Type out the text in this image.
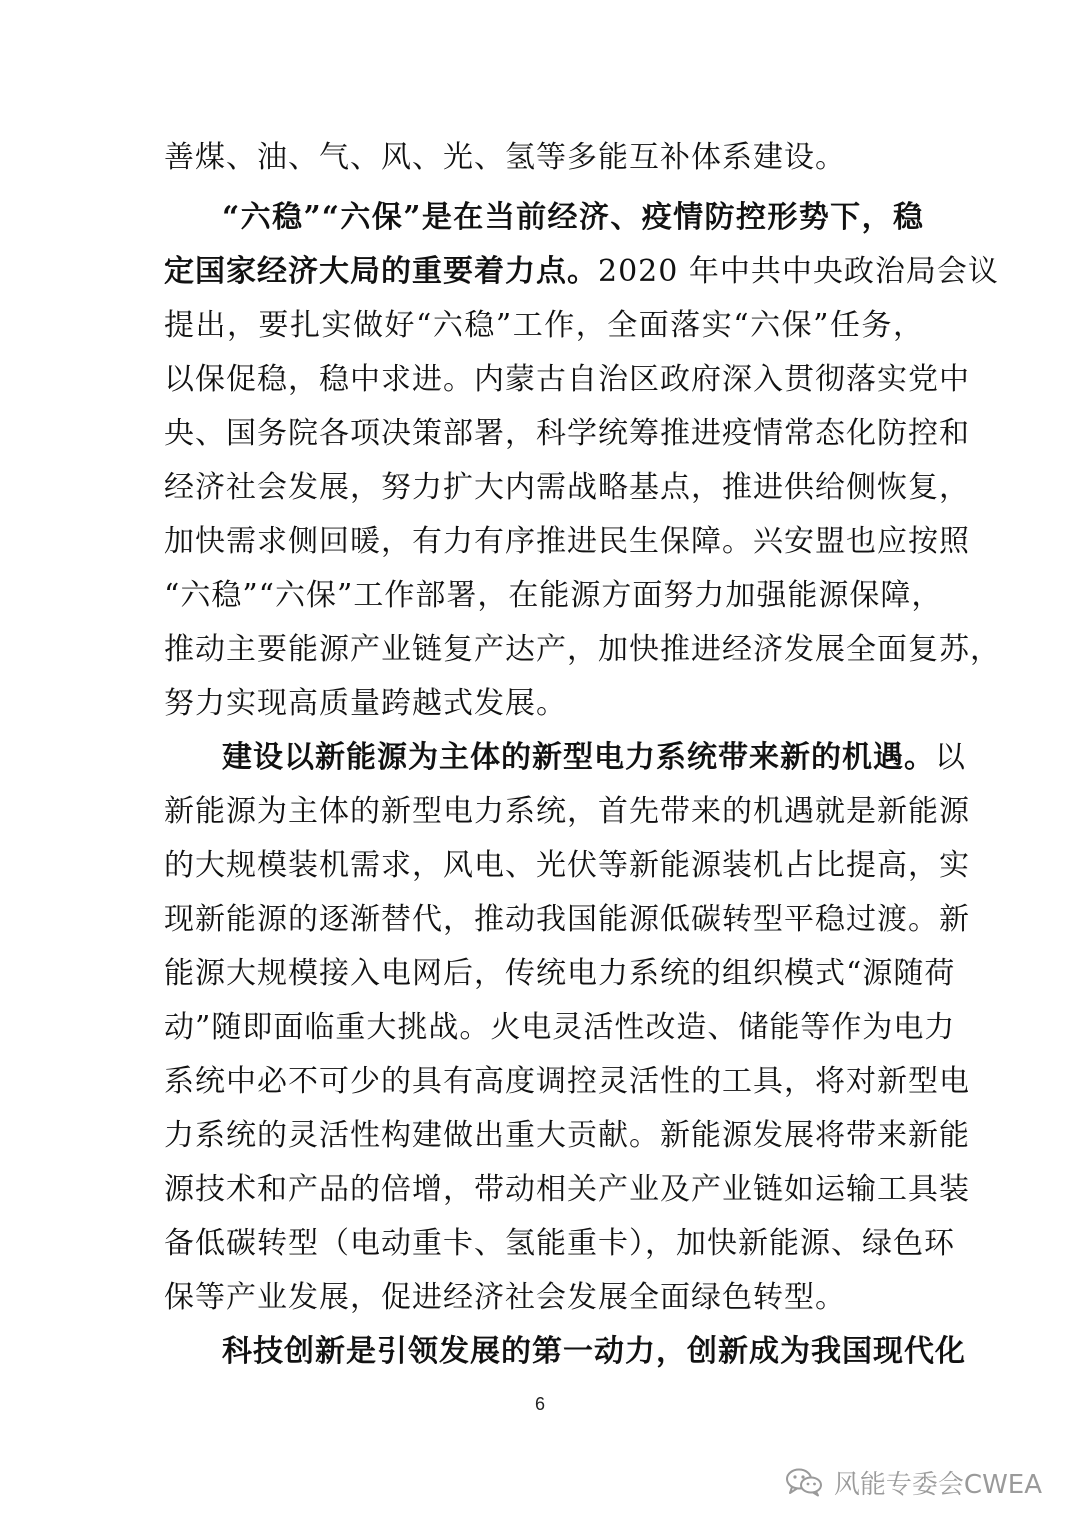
善煤、油、气、风、光、氢等多能互补体系建设。
“六稳”“六保”是在当前经济、疫情防控形势下，稳
定国家经济大局的重要着力点。2020 年中共中央政治局会议
提出，要扎实做好“六稳”工作，全面落实“六保”任务，
以保促稳，稳中求进。内蒙古自治区政府深入贯彻落实党中
央、国务院各项决策部署，科学统筹推进疫情常态化防控和
经济社会发展，努力扩大内需战略基点，推进供给侧恢复，
加快需求侧回暖，有力有序推进民生保障。兴安盟也应按照
“六稳”“六保”工作部署，在能源方面努力加强能源保障，
推动主要能源产业链复产达产，加快推进经济发展全面复苏，
努力实现高质量跨越式发展。
建设以新能源为主体的新型电力系统带来新的机遇。以
新能源为主体的新型电力系统，首先带来的机遇就是新能源
的大规模装机需求，风电、光伏等新能源装机占比提高，实
现新能源的逐渐替代，推动我国能源低碳转型平稳过渡。新
能源大规模接入电网后，传统电力系统的组织模式“源随荷
动”随即面临重大挑战。火电灵活性改造、储能等作为电力
系统中必不可少的具有高度调控灵活性的工具，将对新型电
力系统的灵活性构建做出重大贡献。新能源发展将带来新能
源技术和产品的倍增，带动相关产业及产业链如运输工具装
备低碳转型（电动重卡、氢能重卡），加快新能源、绿色环
保等产业发展，促进经济社会发展全面绿色转型。
科技创新是引领发展的第一动力，创新成为我国现代化
6
风能专委会CWEA
